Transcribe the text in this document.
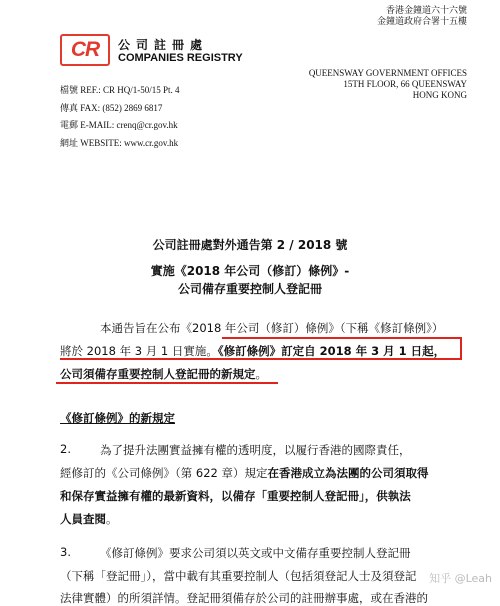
CR	公司註冊處
COMPANIES REGISTRY
香港金鐘道六十六號
金鐘道政府合署十五樓
QUEENSWAY GOVERNMENT OFFICES
15TH FLOOR, 66 QUEENSWAY
HONG KONG
檔號 REF.: CR HQ/1-50/15 Pt. 4
傳真 FAX: (852) 2869 6817
電郵 E-MAIL: crenq@cr.gov.hk
網址 WEBSITE: www.cr.gov.hk
公司註冊處對外通告第 2 / 2018 號
實施《2018 年公司（修訂）條例》-
公司備存重要控制人登記冊
本通告旨在公布《2018 年公司（修訂）條例》（下稱《修訂條例》）
將於 2018 年 3 月 1 日實施。《修訂條例》訂定自 2018 年 3 月 1 日起，
公司須備存重要控制人登記冊的新規定。
《修訂條例》的新規定
2.	為了提升法團實益擁有權的透明度，以履行香港的國際責任，
經修訂的《公司條例》（第 622 章）規定在香港成立為法團的公司須取得
和保存實益擁有權的最新資料，以備存「重要控制人登記冊」，供執法
人員查閱。
3.	《修訂條例》要求公司須以英文或中文備存重要控制人登記冊
（下稱「登記冊」），當中載有其重要控制人（包括須登記人士及須登記
法律實體）的所須詳情。登記冊須備存於公司的註冊辦事處，或在香港的
知乎 @Leah
